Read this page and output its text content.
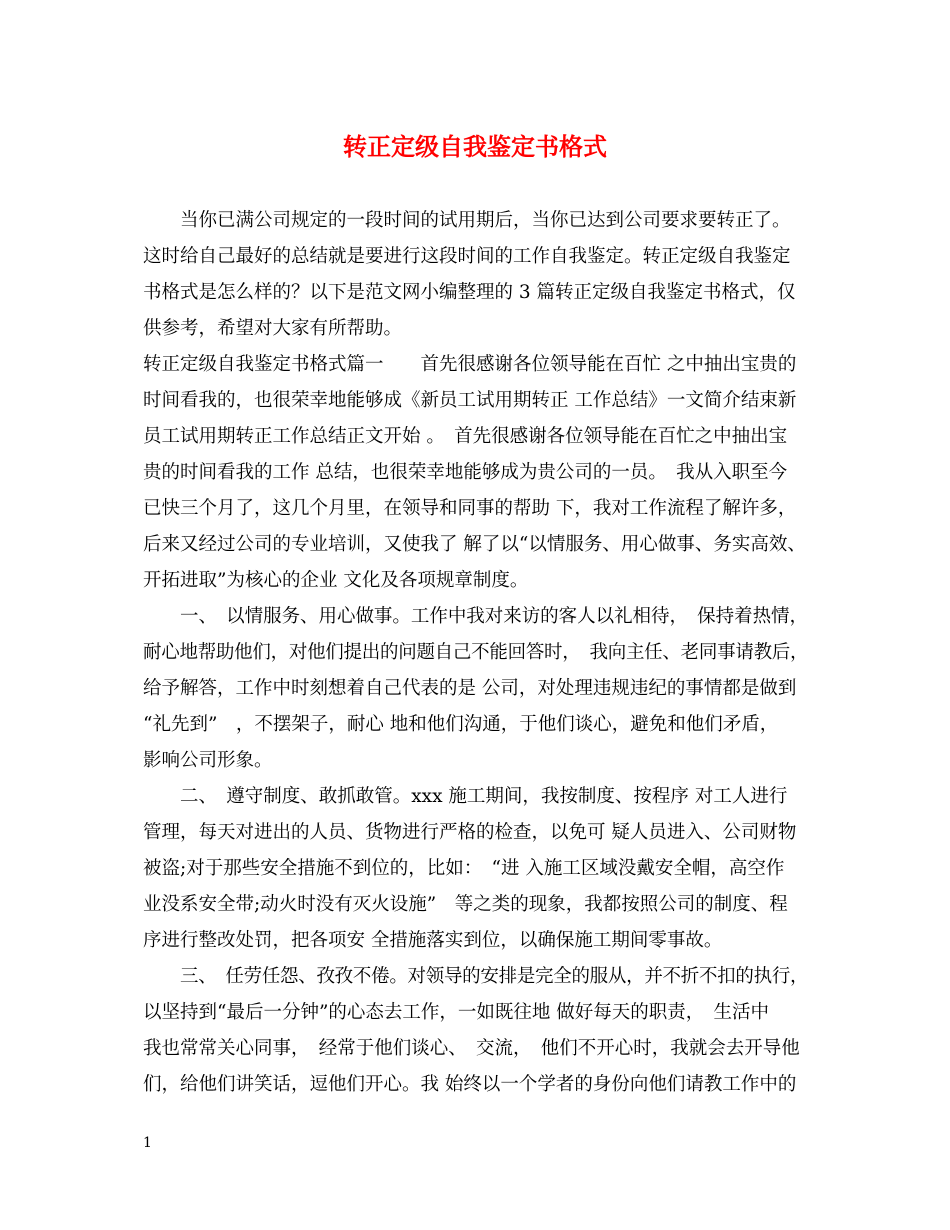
转正定级自我鉴定书格式
当你已满公司规定的一段时间的试用期后，当你已达到公司要求要转正了。
这时给自己最好的总结就是要进行这段时间的工作自我鉴定。转正定级自我鉴定
书格式是怎么样的？以下是范文网小编整理的 3 篇转正定级自我鉴定书格式，仅
供参考，希望对大家有所帮助。
转正定级自我鉴定书格式篇一　　首先很感谢各位领导能在百忙 之中抽出宝贵的
时间看我的，也很荣幸地能够成《新员工试用期转正 工作总结》一文简介结束新
员工试用期转正工作总结正文开始 。　首先很感谢各位领导能在百忙之中抽出宝
贵的时间看我的工作 总结，也很荣幸地能够成为贵公司的一员。　我从入职至今
已快三个月了，这几个月里，在领导和同事的帮助 下，我对工作流程了解许多，
后来又经过公司的专业培训，又使我了 解了以“以情服务、用心做事、务实高效、
开拓进取”为核心的企业 文化及各项规章制度。
一、　以情服务、用心做事。工作中我对来访的客人以礼相待，　保持着热情，
耐心地帮助他们，对他们提出的问题自己不能回答时，　我向主任、老同事请教后，
给予解答，工作中时刻想着自己代表的是 公司，对处理违规违纪的事情都是做到
“礼先到”　，不摆架子，耐心 地和他们沟通，于他们谈心，避免和他们矛盾，
影响公司形象。
二、　遵守制度、敢抓敢管。xxx 施工期间，我按制度、按程序 对工人进行
管理，每天对进出的人员、货物进行严格的检查，以免可 疑人员进入、公司财物
被盗;对于那些安全措施不到位的，比如：　“进 入施工区域没戴安全帽，高空作
业没系安全带;动火时没有灭火设施”　等之类的现象，我都按照公司的制度、程
序进行整改处罚，把各项安 全措施落实到位，以确保施工期间零事故。
三、　任劳任怨、孜孜不倦。对领导的安排是完全的服从，并不折不扣的执行，
以坚持到“最后一分钟”的心态去工作，一如既往地 做好每天的职责，　生活中
我也常常关心同事，　经常于他们谈心、　交流，　他们不开心时，我就会去开导他
们，给他们讲笑话，逗他们开心。我 始终以一个学者的身份向他们请教工作中的
1
